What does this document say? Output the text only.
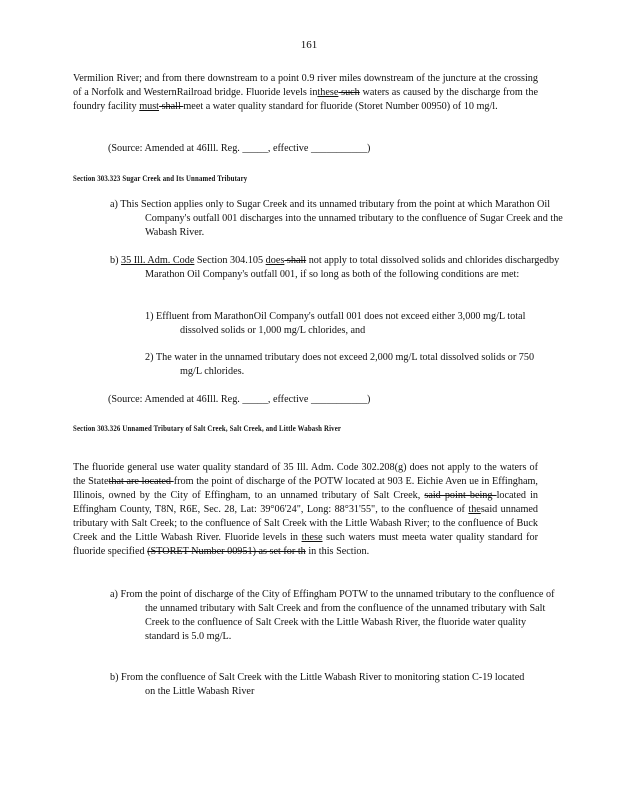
161
Vermilion River; and from there downstream to a point 0.9 river miles downstream of the juncture at the crossing of a Norfolk and WesternRailroad bridge. Fluoride levels inthese such waters as caused by the discharge from the foundry facility must shall meet a water quality standard for fluoride (Storet Number 00950) of 10 mg/l.
(Source: Amended at 46Ill. Reg. _____, effective ___________)
Section 303.323 Sugar Creek and Its Unnamed Tributary
a) This Section applies only to Sugar Creek and its unnamed tributary from the point at which Marathon Oil Company's outfall 001 discharges into the unnamed tributary to the confluence of Sugar Creek and the Wabash River.
b) 35 Ill. Adm. Code Section 304.105 does shall not apply to total dissolved solids and chlorides dischargedby Marathon Oil Company's outfall 001, if so long as both of the following conditions are met:
1) Effluent from MarathonOil Company's outfall 001 does not exceed either 3,000 mg/L total dissolved solids or 1,000 mg/L chlorides, and
2) The water in the unnamed tributary does not exceed 2,000 mg/L total dissolved solids or 750 mg/L chlorides.
(Source: Amended at 46Ill. Reg. _____, effective ___________)
Section 303.326 Unnamed Tributary of Salt Creek, Salt Creek, and Little Wabash River
The fluoride general use water quality standard of 35 Ill. Adm. Code 302.208(g) does not apply to the waters of the Statethat are located from the point of discharge of the POTW located at 903 E. Eichie Aven ue in Effingham, Illinois, owned by the City of Effingham, to an unnamed tributary of Salt Creek, said point being located in Effingham County, T8N, R6E, Sec. 28, Lat: 39°06'24", Long: 88°31'55", to the confluence of thesaid unnamed tributary with Salt Creek; to the confluence of Salt Creek with the Little Wabash River; to the confluence of Buck Creek and the Little Wabash River. Fluoride levels in these such waters must meeta water quality standard for fluoride specified (STORET Number 00951) as set for th in this Section.
a) From the point of discharge of the City of Effingham POTW to the unnamed tributary to the confluence of the unnamed tributary with Salt Creek and from the confluence of the unnamed tributary with Salt Creek to the confluence of Salt Creek with the Little Wabash River, the fluoride water quality standard is 5.0 mg/L.
b) From the confluence of Salt Creek with the Little Wabash River to monitoring station C-19 located on the Little Wabash River
